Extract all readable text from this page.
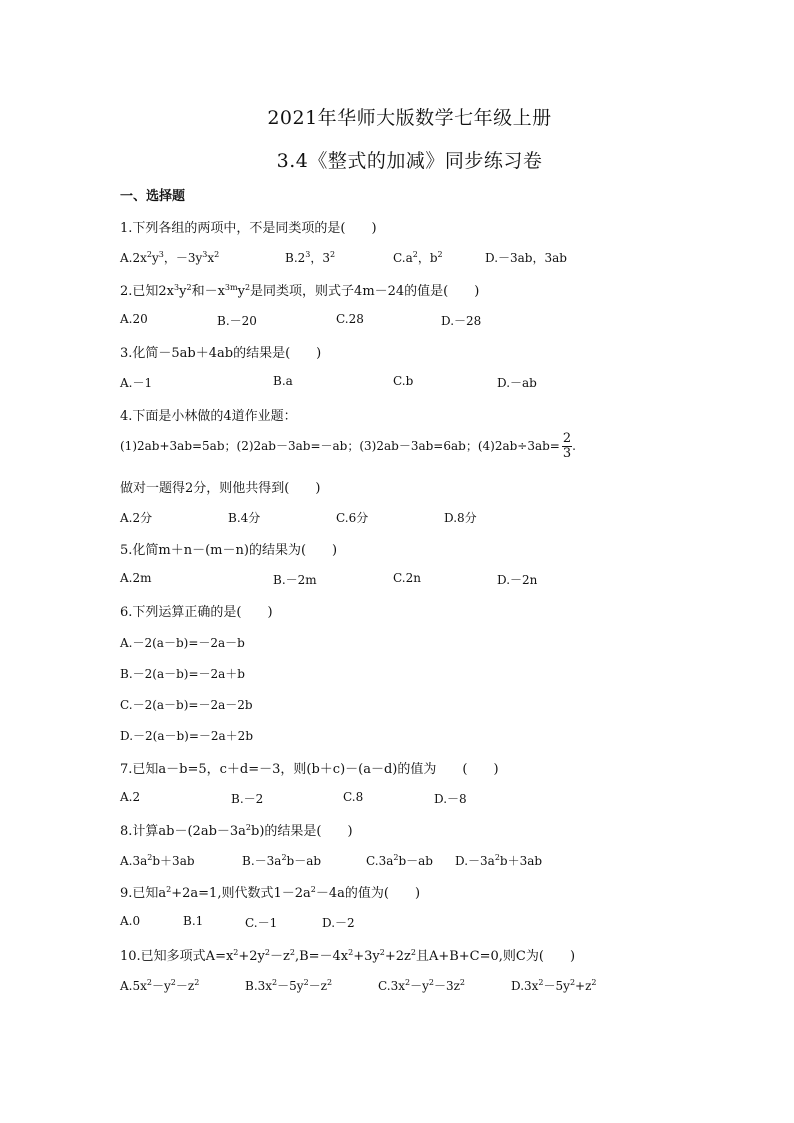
2021年华师大版数学七年级上册
3.4《整式的加减》同步练习卷
一、选择题
1.下列各组的两项中，不是同类项的是(　　)
$A.2x^2y^3$，$-3y^3x^2$	$B.2^3$，$3^2$	$C.a^2$，$b^2$	D.－3ab，3ab
2.已知$2x^3y^2$和$-x^{3m}y^2$是同类项，则式子4m－24的值是(　　)
A.20	B.－20	C.28	D.－28
3.化简－5ab＋4ab的结果是(　　)
A.－1	B.a	C.b	D.－ab
4.下面是小林做的4道作业题：
(1)2ab+3ab=5ab；(2)2ab－3ab=－ab；(3)2ab－3ab=6ab；$(4)2ab\div 3ab= \frac{2}{3}$ .
做对一题得2分，则他共得到(　　)
A.2分	B.4分	C.6分	D.8分
5.化简m＋n－(m－n)的结果为(　　)
A.2m	B.－2m	C.2n	D.－2n
6.下列运算正确的是(　　)
A.－2(a－b)=－2a－b
B.－2(a－b)=－2a＋b
C.－2(a－b)=－2a－2b
D.－2(a－b)=－2a＋2b
7.已知a－b=5，c＋d=－3，则(b＋c)－(a－d)的值为　　(　　)
A.2	B.－2	C.8	D.－8
8.计算$ab-(2ab-3a^2b)$的结果是(　　)
$A.3a^2b+3ab$	$B.-3a^2b-ab$	$C.3a^2b-ab$ $D.-3a^2b+3ab$
9.已知$a^2+2a=1$,则代数式$1-2a^2-4a$的值为(　　)
A.0	B.1	C.－1	D.－2
10.已知多项式$A=x^2+2y^2-z^2,B=-4x^2+3y^2+2z^2$且A+B+C=0,则C为(　　)
$A.5x^2-y^2-z^2$	$B.3x^2-5y^2-z^2$	$C.3x^2-y^2-3z^2$	$D.3x^2-5y^2+z^2$
